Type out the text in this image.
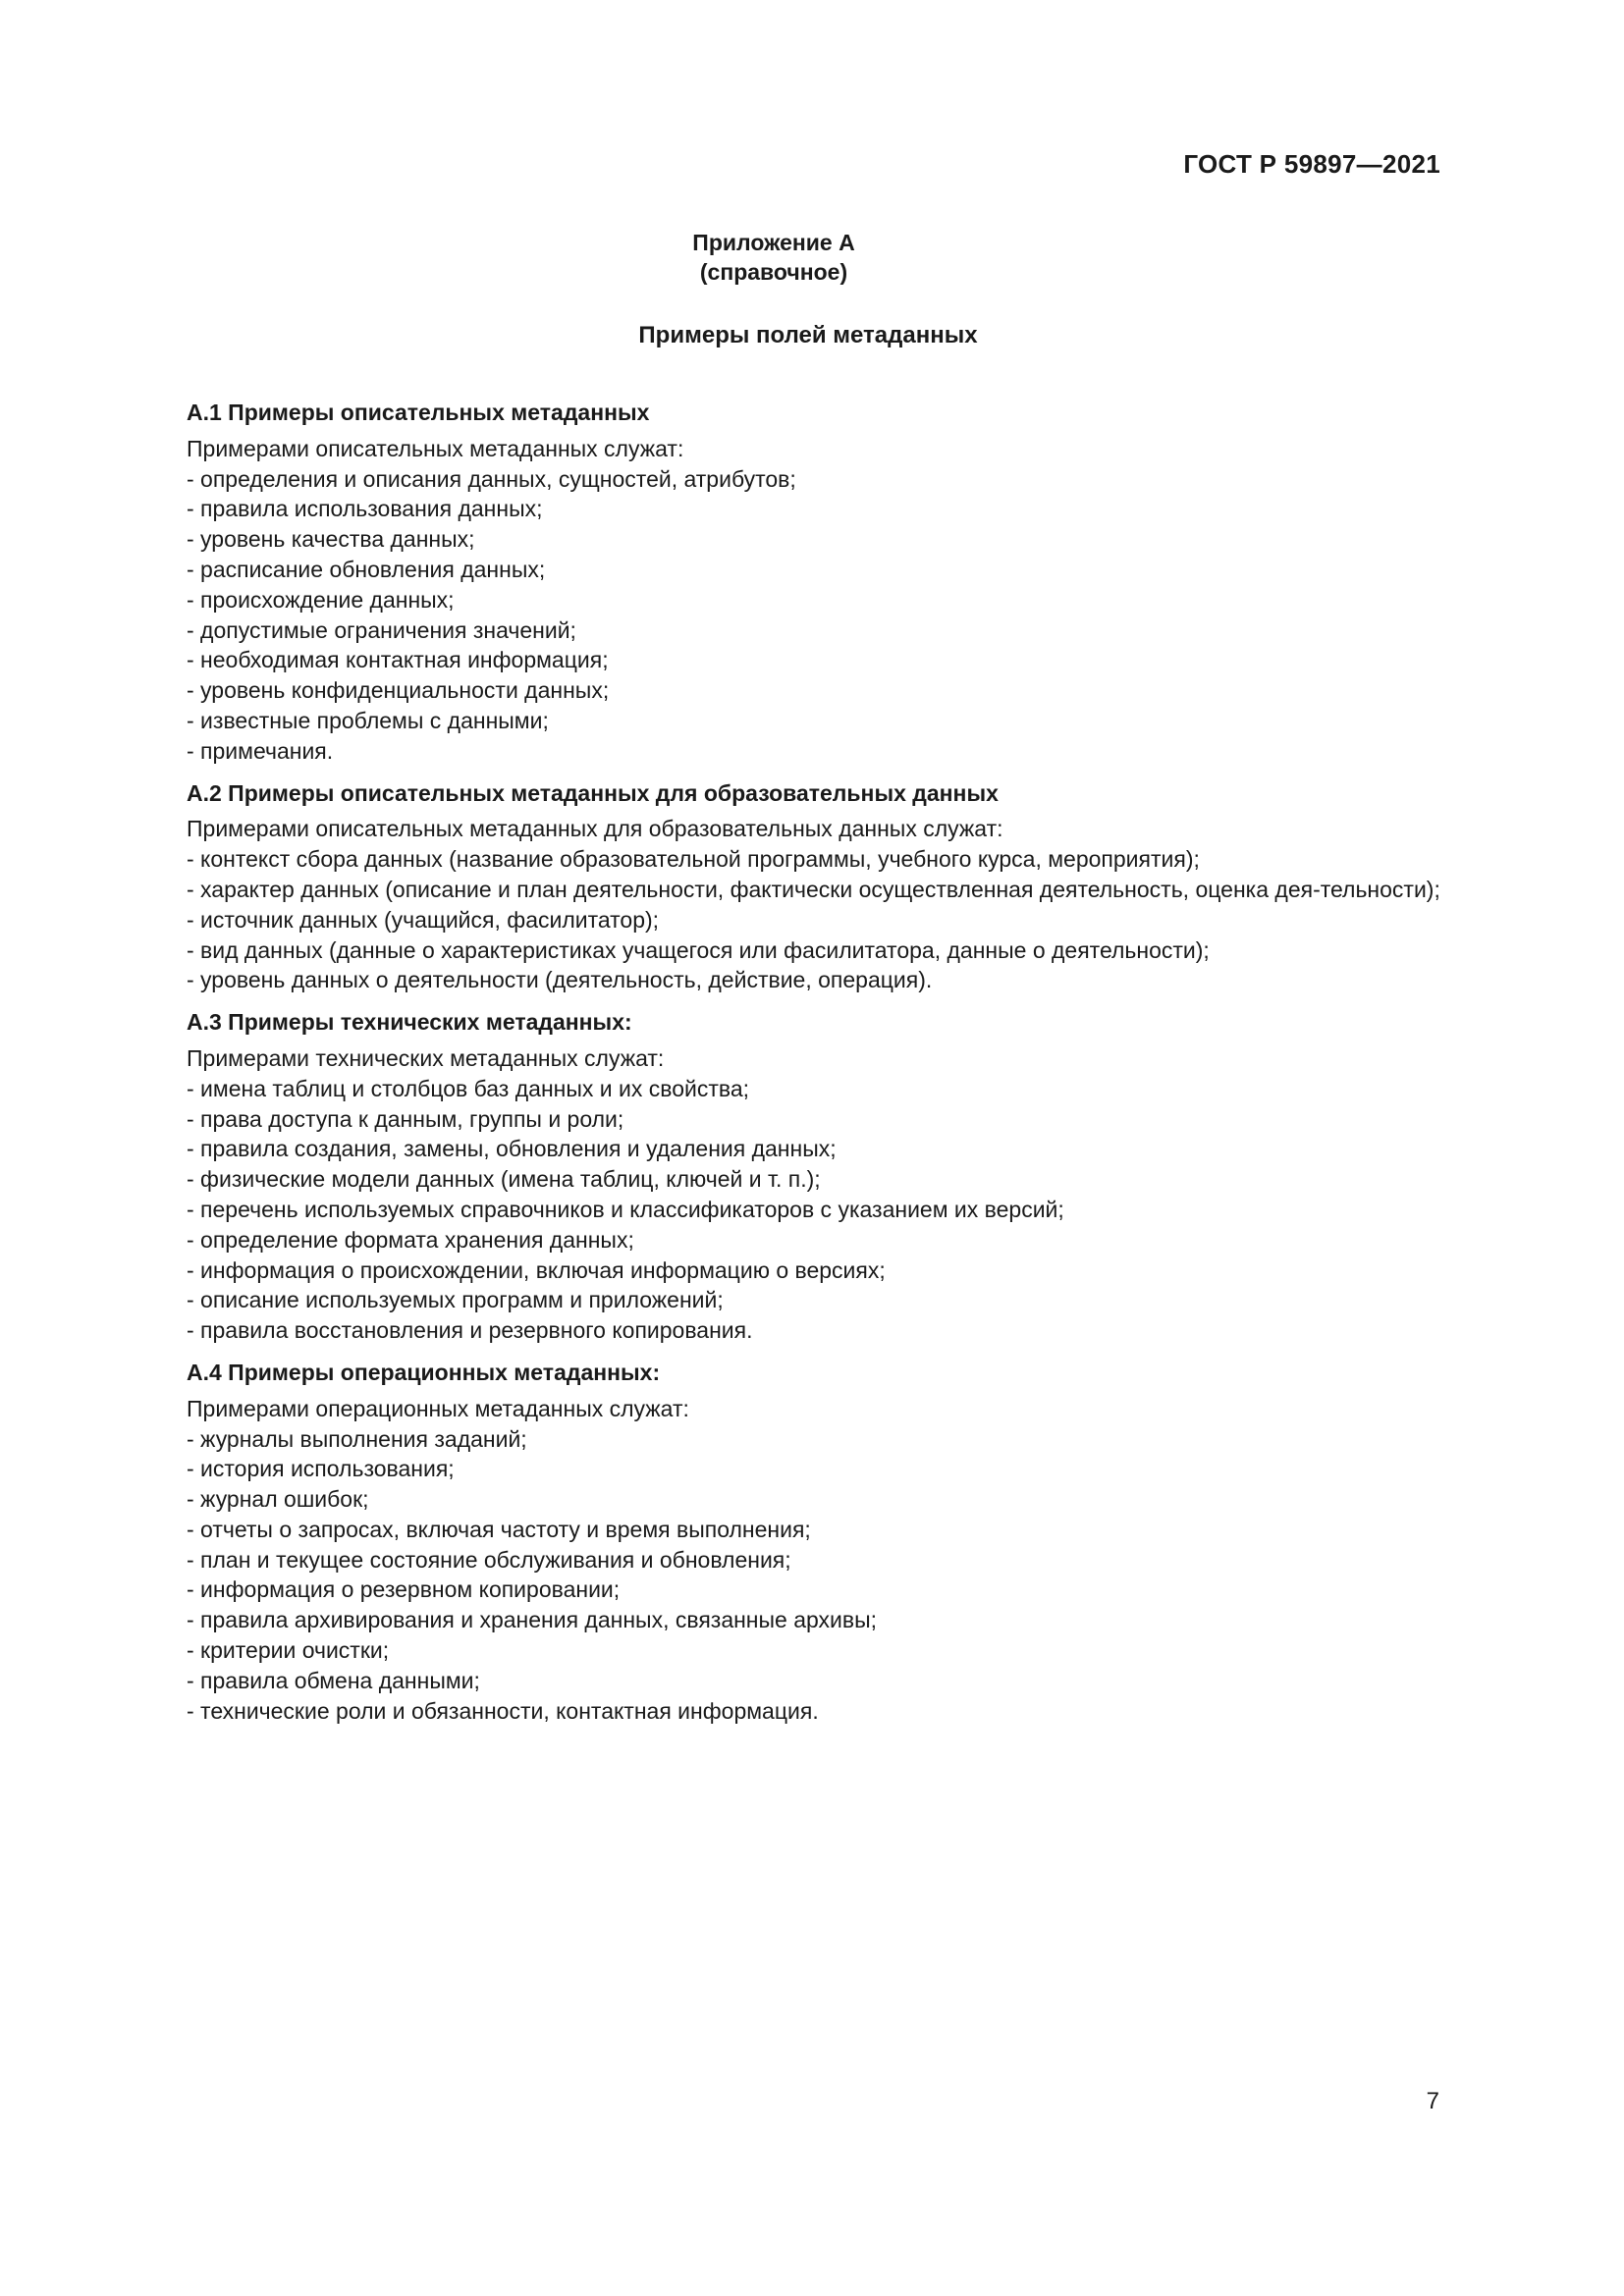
ГОСТ Р 59897—2021
Приложение А
(справочное)
Примеры полей метаданных
А.1 Примеры описательных метаданных
Примерами описательных метаданных служат:
- определения и описания данных, сущностей, атрибутов;
- правила использования данных;
- уровень качества данных;
- расписание обновления данных;
- происхождение данных;
- допустимые ограничения значений;
- необходимая контактная информация;
- уровень конфиденциальности данных;
- известные проблемы с данными;
- примечания.
А.2 Примеры описательных метаданных для образовательных данных
Примерами описательных метаданных для образовательных данных служат:
- контекст сбора данных (название образовательной программы, учебного курса, мероприятия);
- характер данных (описание и план деятельности, фактически осуществленная деятельность, оценка дея-тельности);
- источник данных (учащийся, фасилитатор);
- вид данных (данные о характеристиках учащегося или фасилитатора, данные о деятельности);
- уровень данных о деятельности (деятельность, действие, операция).
А.3 Примеры технических метаданных:
Примерами технических метаданных служат:
- имена таблиц и столбцов баз данных и их свойства;
- права доступа к данным, группы и роли;
- правила создания, замены, обновления и удаления данных;
- физические модели данных (имена таблиц, ключей и т. п.);
- перечень используемых справочников и классификаторов с указанием их версий;
- определение формата хранения данных;
- информация о происхождении, включая информацию о версиях;
- описание используемых программ и приложений;
- правила восстановления и резервного копирования.
А.4 Примеры операционных метаданных:
Примерами операционных метаданных служат:
- журналы выполнения заданий;
- история использования;
- журнал ошибок;
- отчеты о запросах, включая частоту и время выполнения;
- план и текущее состояние обслуживания и обновления;
- информация о резервном копировании;
- правила архивирования и хранения данных, связанные архивы;
- критерии очистки;
- правила обмена данными;
- технические роли и обязанности, контактная информация.
7
